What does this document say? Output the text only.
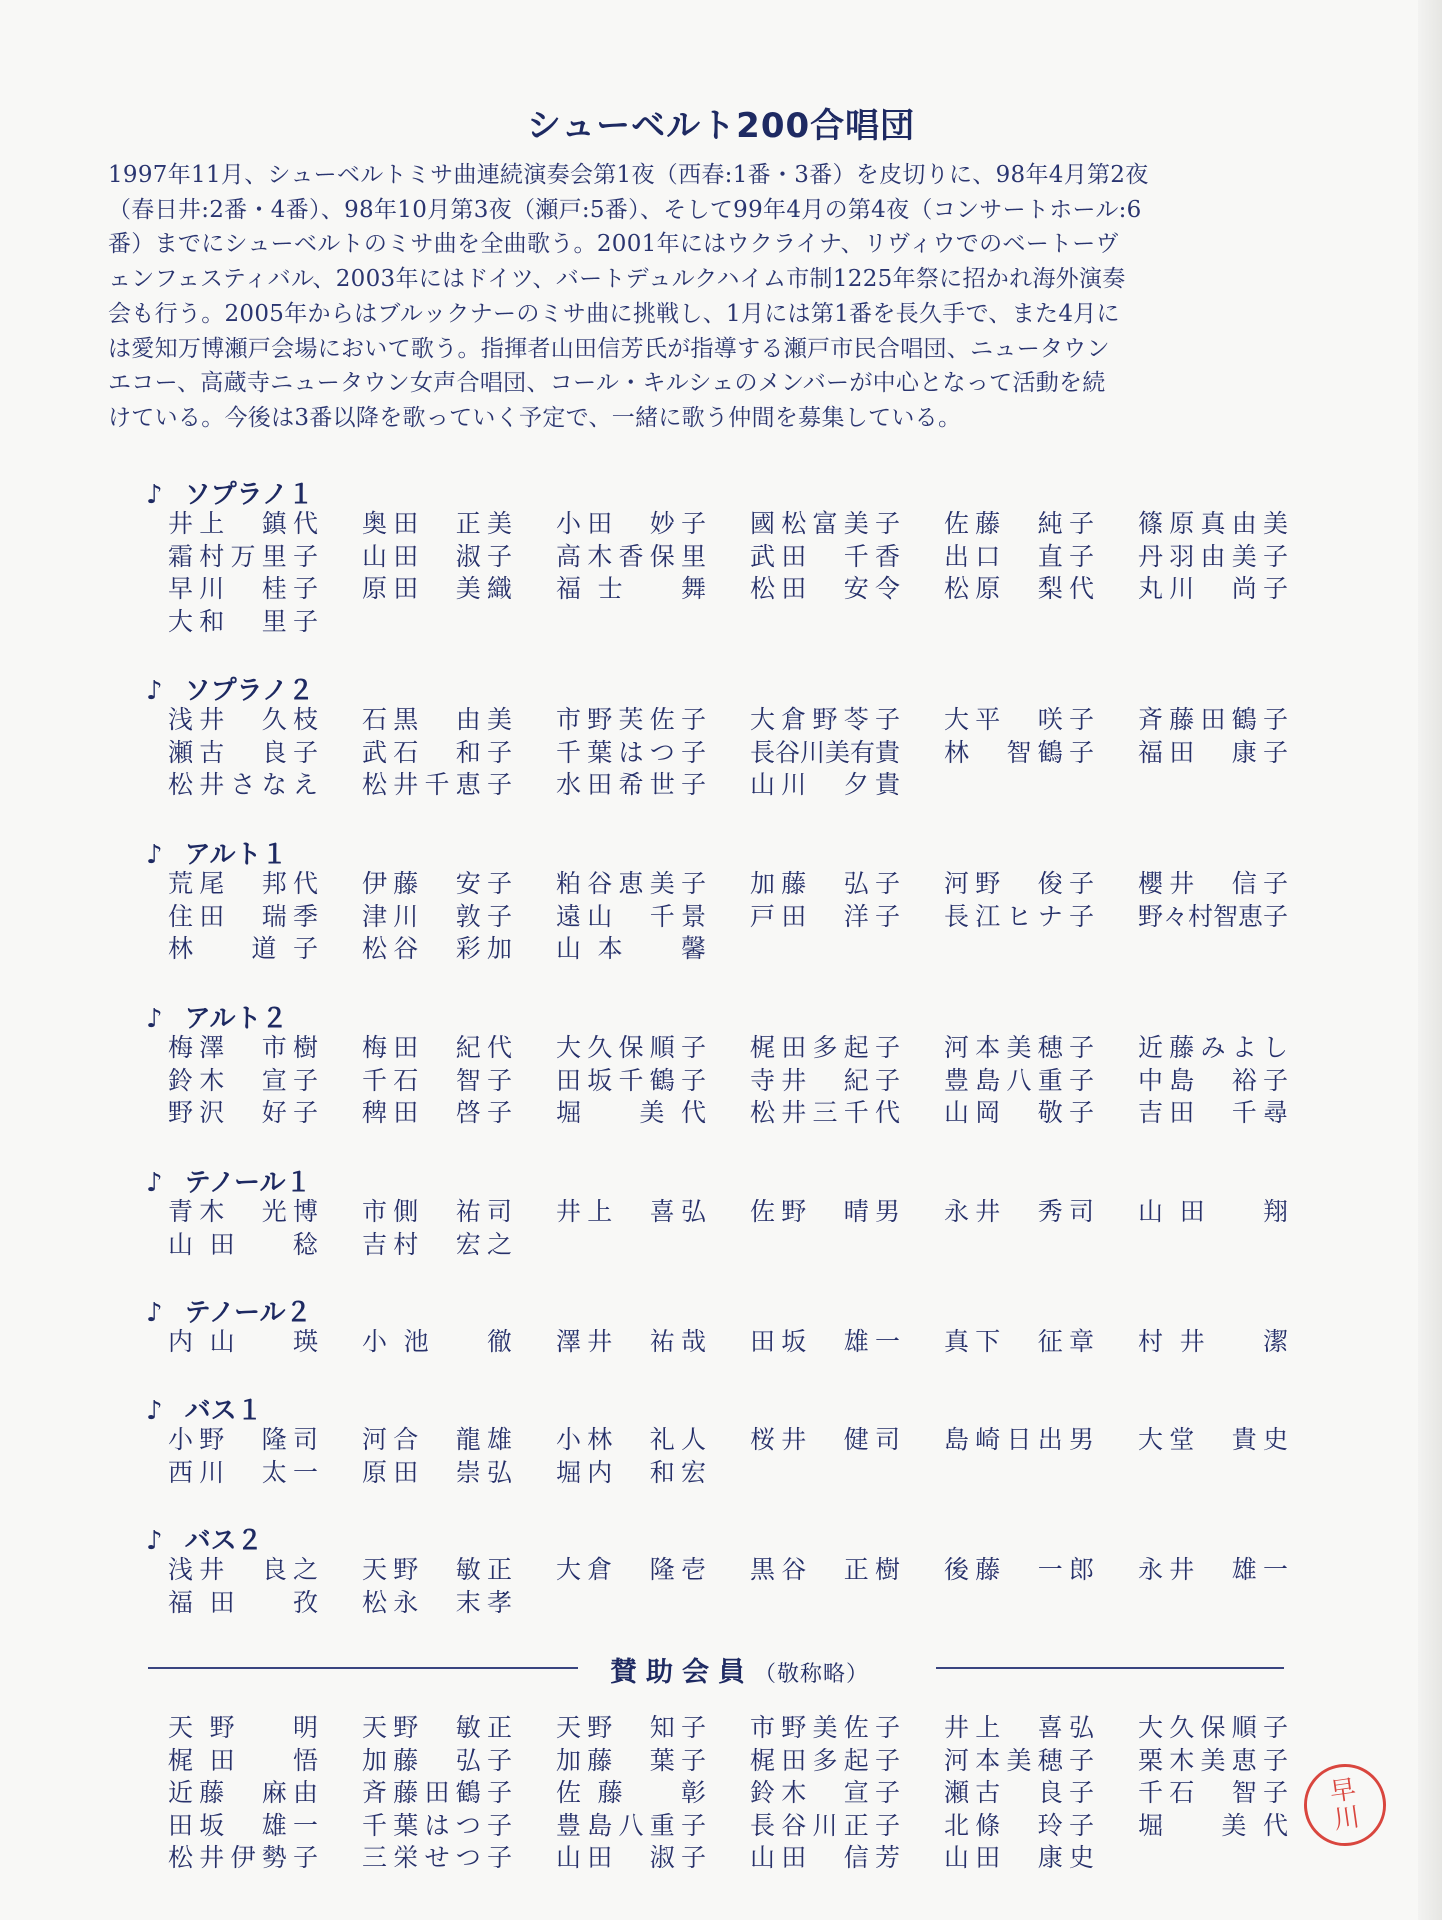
シューベルト200合唱団
1997年11月、シューベルトミサ曲連続演奏会第1夜（西春:1番・3番）を皮切りに、98年4月第2夜
（春日井:2番・4番）、98年10月第3夜（瀬戸:5番）、そして99年4月の第4夜（コンサートホール:6
番）までにシューベルトのミサ曲を全曲歌う。2001年にはウクライナ、リヴィウでのベートーヴ
ェンフェスティバル、2003年にはドイツ、バートデュルクハイム市制1225年祭に招かれ海外演奏
会も行う。2005年からはブルックナーのミサ曲に挑戦し、1月には第1番を長久手で、また4月に
は愛知万博瀬戸会場において歌う。指揮者山田信芳氏が指導する瀬戸市民合唱団、ニュータウン
エコー、高蔵寺ニュータウン女声合唱団、コール・キルシェのメンバーが中心となって活動を続
けている。今後は3番以降を歌っていく予定で、一緒に歌う仲間を募集している。
♪ ソプラノ１
井上　鎮代 奥田　正美 小田　妙子 國松富美子 佐藤　純子 篠原真由美
霜村万里子 山田　淑子 高木香保里 武田　千香 出口　直子 丹羽由美子
早川　桂子 原田　美織 福士　舞 松田　安令 松原　梨代 丸川　尚子
大和　里子
♪ ソプラノ２
浅井　久枝 石黒　由美 市野芙佐子 大倉野苓子 大平　咲子 斉藤田鶴子
瀬古　良子 武石　和子 千葉はつ子 長谷川美有貴 林　智鶴子 福田　康子
松井さなえ 松井千恵子 水田希世子 山川　夕貴
♪ アルト１
荒尾　邦代 伊藤　安子 粕谷恵美子 加藤　弘子 河野　俊子 櫻井　信子
住田　瑞季 津川　敦子 遠山　千景 戸田　洋子 長江ヒナ子 野々村智恵子
林　道子 松谷　彩加 山本　馨
♪ アルト２
梅澤　市樹 梅田　紀代 大久保順子 梶田多起子 河本美穂子 近藤みよし
鈴木　宣子 千石　智子 田坂千鶴子 寺井　紀子 豊島八重子 中島　裕子
野沢　好子 稗田　啓子 堀　美代 松井三千代 山岡　敬子 吉田　千尋
♪ テノール１
青木　光博 市側　祐司 井上　喜弘 佐野　晴男 永井　秀司 山田　翔
山田　稔 吉村　宏之
♪ テノール２
内山　瑛 小池　徹 澤井　祐哉 田坂　雄一 真下　征章 村井　潔
♪ バス１
小野　隆司 河合　龍雄 小林　礼人 桜井　健司 島崎日出男 大堂　貴史
西川　太一 原田　崇弘 堀内　和宏
♪ バス２
浅井　良之 天野　敏正 大倉　隆壱 黒谷　正樹 後藤　一郎 永井　雄一
福田　孜 松永　末孝
賛助会員（敬称略）
天野　明 天野　敏正 天野　知子 市野美佐子 井上　喜弘 大久保順子
梶田　悟 加藤　弘子 加藤　葉子 梶田多起子 河本美穂子 栗木美恵子
近藤　麻由 斉藤田鶴子 佐藤　彰 鈴木　宣子 瀬古　良子 千石　智子
田坂　雄一 千葉はつ子 豊島八重子 長谷川正子 北條　玲子 堀　美代
松井伊勢子 三栄せつ子 山田　淑子 山田　信芳 山田　康史
早
川
